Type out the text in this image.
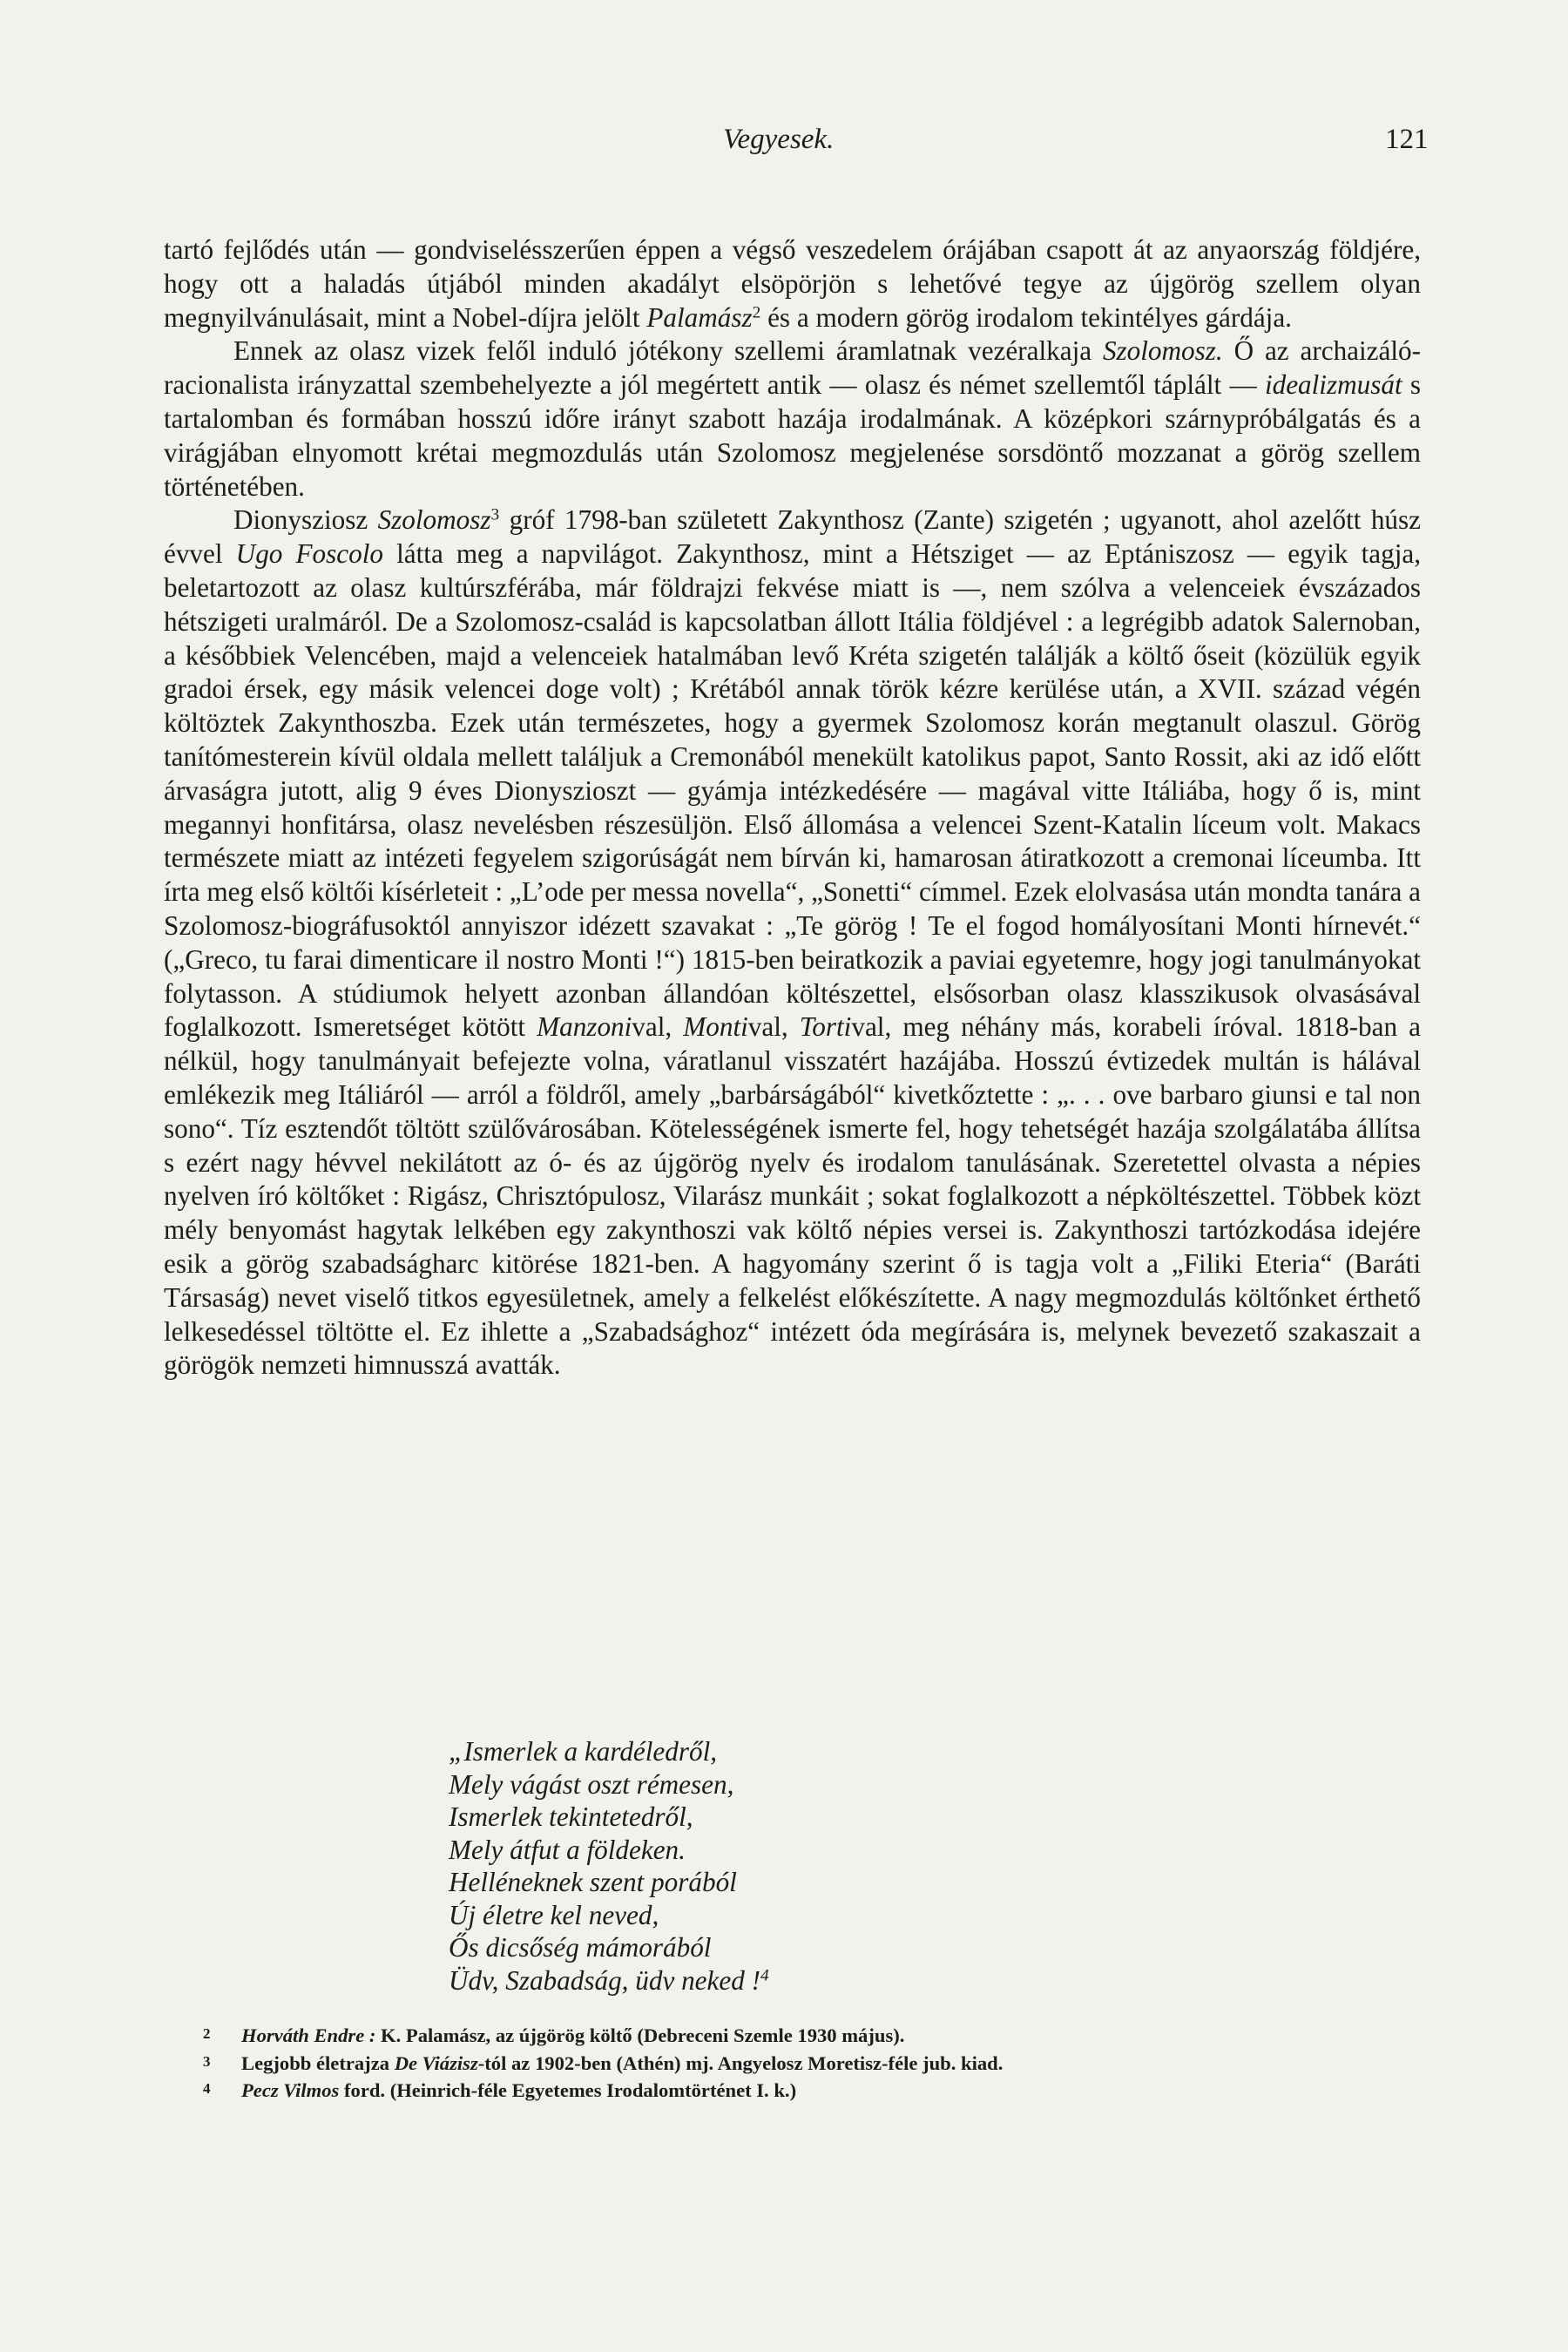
Vegyesek.	121

tartó fejlődés után — gondviselésszerűen éppen a végső veszedelem órájában csapott át az anyaország földjére, hogy ott a haladás útjából minden akadályt elsöpörjön s lehetővé tegye az újgörög szellem olyan megnyilvánulásait, mint a Nobel-díjra jelölt Palamász$^2$ és a modern görög irodalom tekintélyes gárdája.

Ennek az olasz vizek felől induló jótékony szellemi áramlatnak vezéralkaja Szolomosz. Ő az archaizáló-racionalista irányzattal szembehelyezte a jól megértett antik — olasz és német szellemtől táplált — idealizmusát s tartalomban és formában hosszú időre irányt szabott hazája irodalmának. A középkori szárnypróbálgatás és a virágjában elnyomott krétai megmozdulás után Szolomosz megjelenése sorsdöntő mozzanat a görög szellem történetében.

Dionysziosz Szolomosz$^3$ gróf 1798-ban született Zakynthosz (Zante) szigetén ; ugyanott, ahol azelőtt húsz évvel Ugo Foscolo látta meg a napvilágot. Zakynthosz, mint a Hétsziget — az Eptániszosz — egyik tagja, beletartozott az olasz kultúrszférába, már földrajzi fekvése miatt is —, nem szólva a velenceiek évszázados hétszigeti uralmáról. De a Szolomosz-család is kapcsolatban állott Itália földjével : a legrégibb adatok Salernoban, a későbbiek Velencében, majd a velenceiek hatalmában levő Kréta szigetén találják a költő őseit (közülük egyik gradoi érsek, egy másik velencei doge volt) ; Krétából annak török kézre kerülése után, a XVII. század végén költöztek Zakynthoszba. Ezek után természetes, hogy a gyermek Szolomosz korán megtanult olaszul. Görög tanítómesterein kívül oldala mellett találjuk a Cremonából menekült katolikus papot, Santo Rossit, aki az idő előtt árvaságra jutott, alig 9 éves Dionyszioszt — gyámja intézkedésére — magával vitte Itáliába, hogy ő is, mint megannyi honfitársa, olasz nevelésben részesüljön. Első állomása a velencei Szent-Katalin líceum volt. Makacs természete miatt az intézeti fegyelem szigorúságát nem bírván ki, hamarosan átiratkozott a cremonai líceumba. Itt írta meg első költői kísérleteit : „L’ode per messa novella“, „Sonetti“ címmel. Ezek elolvasása után mondta tanára a Szolomosz-biográfusoktól annyiszor idézett szavakat : „Te görög ! Te el fogod homályosítani Monti hírnevét.“ („Greco, tu farai dimenticare il nostro Monti !“) 1815-ben beiratkozik a paviai egyetemre, hogy jogi tanulmányokat folytasson. A stúdiumok helyett azonban állandóan költészettel, elsősorban olasz klasszikusok olvasásával foglalkozott. Ismeretséget kötött Manzonival, Montival, Tortival, meg néhány más, korabeli íróval. 1818-ban a nélkül, hogy tanulmányait befejezte volna, váratlanul visszatért hazájába. Hosszú évtizedek multán is hálával emlékezik meg Itáliáról — arról a földről, amely „barbárságából“ kivetkőztette : „. . . ove barbaro giunsi e tal non sono“. Tíz esztendőt töltött szülővárosában. Kötelességének ismerte fel, hogy tehetségét hazája szolgálatába állítsa s ezért nagy hévvel nekilátott az ó- és az újgörög nyelv és irodalom tanulásának. Szeretettel olvasta a népies nyelven író költőket : Rigász, Chrisztópulosz, Vilarász munkáit ; sokat foglalkozott a népköltészettel. Többek közt mély benyomást hagytak lelkében egy zakynthoszi vak költő népies versei is. Zakynthoszi tartózkodása idejére esik a görög szabadságharc kitörése 1821-ben. A hagyomány szerint ő is tagja volt a „Filiki Eteria“ (Baráti Társaság) nevet viselő titkos egyesületnek, amely a felkelést előkészítette. A nagy megmozdulás költőnket érthető lelkesedéssel töltötte el. Ez ihlette a „Szabadsághoz“ intézett óda megírására is, melynek bevezető szakaszait a görögök nemzeti himnusszá avatták.

„Ismerlek a kardéledről,
Mely vágást oszt rémesen,
Ismerlek tekintetedről,
Mely átfut a földeken.
Helléneknek szent porából
Új életre kel neved,
Ős dicsőség mámorából
Üdv, Szabadság, üdv neked !$^4$
2 Horváth Endre : K. Palamász, az újgörög költő (Debreceni Szemle 1930 május).
3 Legjobb életrajza De Viázisz-tól az 1902-ben (Athén) mj. Angyelosz Moretisz-féle jub. kiad.
4 Pecz Vilmos ford. (Heinrich-féle Egyetemes Irodalomtörténet I. k.)
